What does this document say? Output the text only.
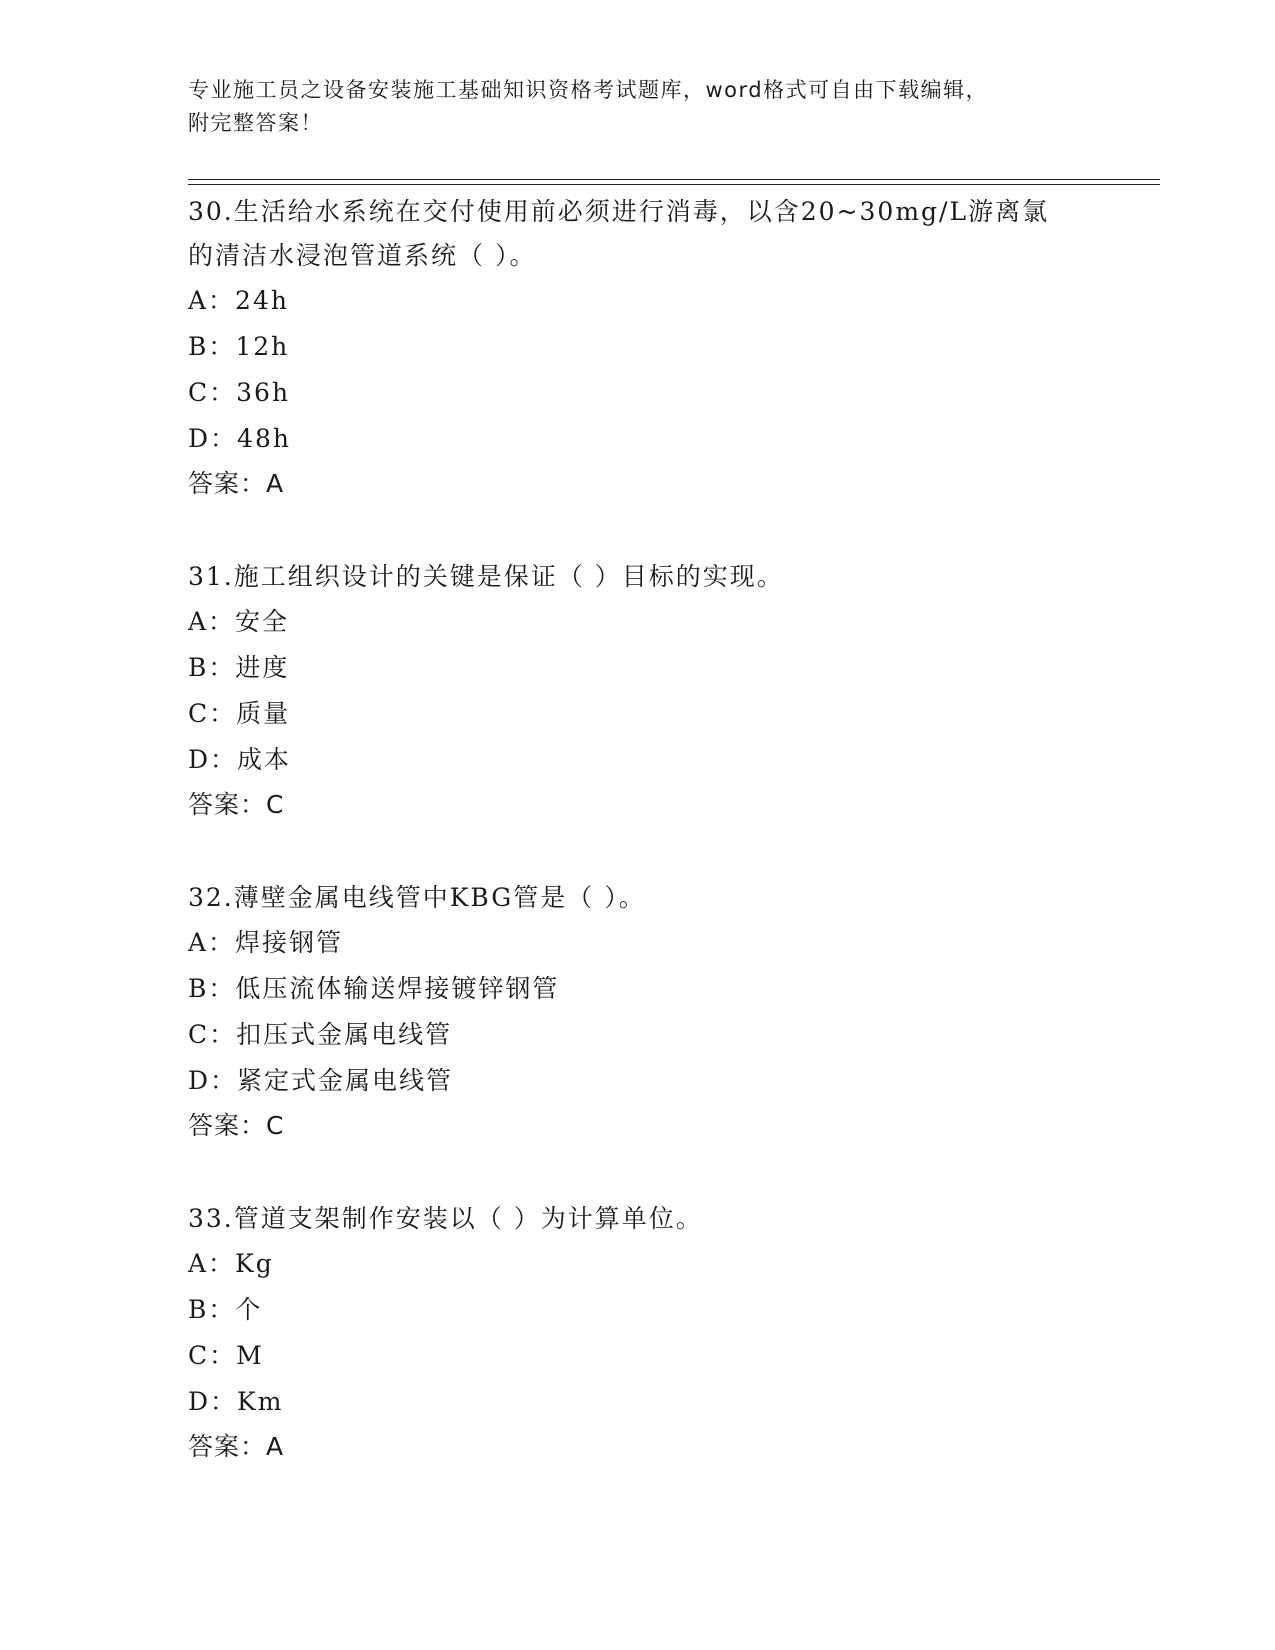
专业施工员之设备安装施工基础知识资格考试题库，word格式可自由下载编辑，
附完整答案！

30.生活给水系统在交付使用前必须进行消毒，以含20~30mg/L游离氯

的清洁水浸泡管道系统（ ）。

A：24h

B：12h

C：36h

D：48h

答案：A

31.施工组织设计的关键是保证（ ）目标的实现。

A：安全

B：进度

C：质量

D：成本

答案：C

32.薄壁金属电线管中KBG管是（ ）。

A：焊接钢管

B：低压流体输送焊接镀锌钢管

C：扣压式金属电线管

D：紧定式金属电线管

答案：C

33.管道支架制作安装以（ ）为计算单位。

A：Kg

B：个

C：M

D：Km

答案：A
